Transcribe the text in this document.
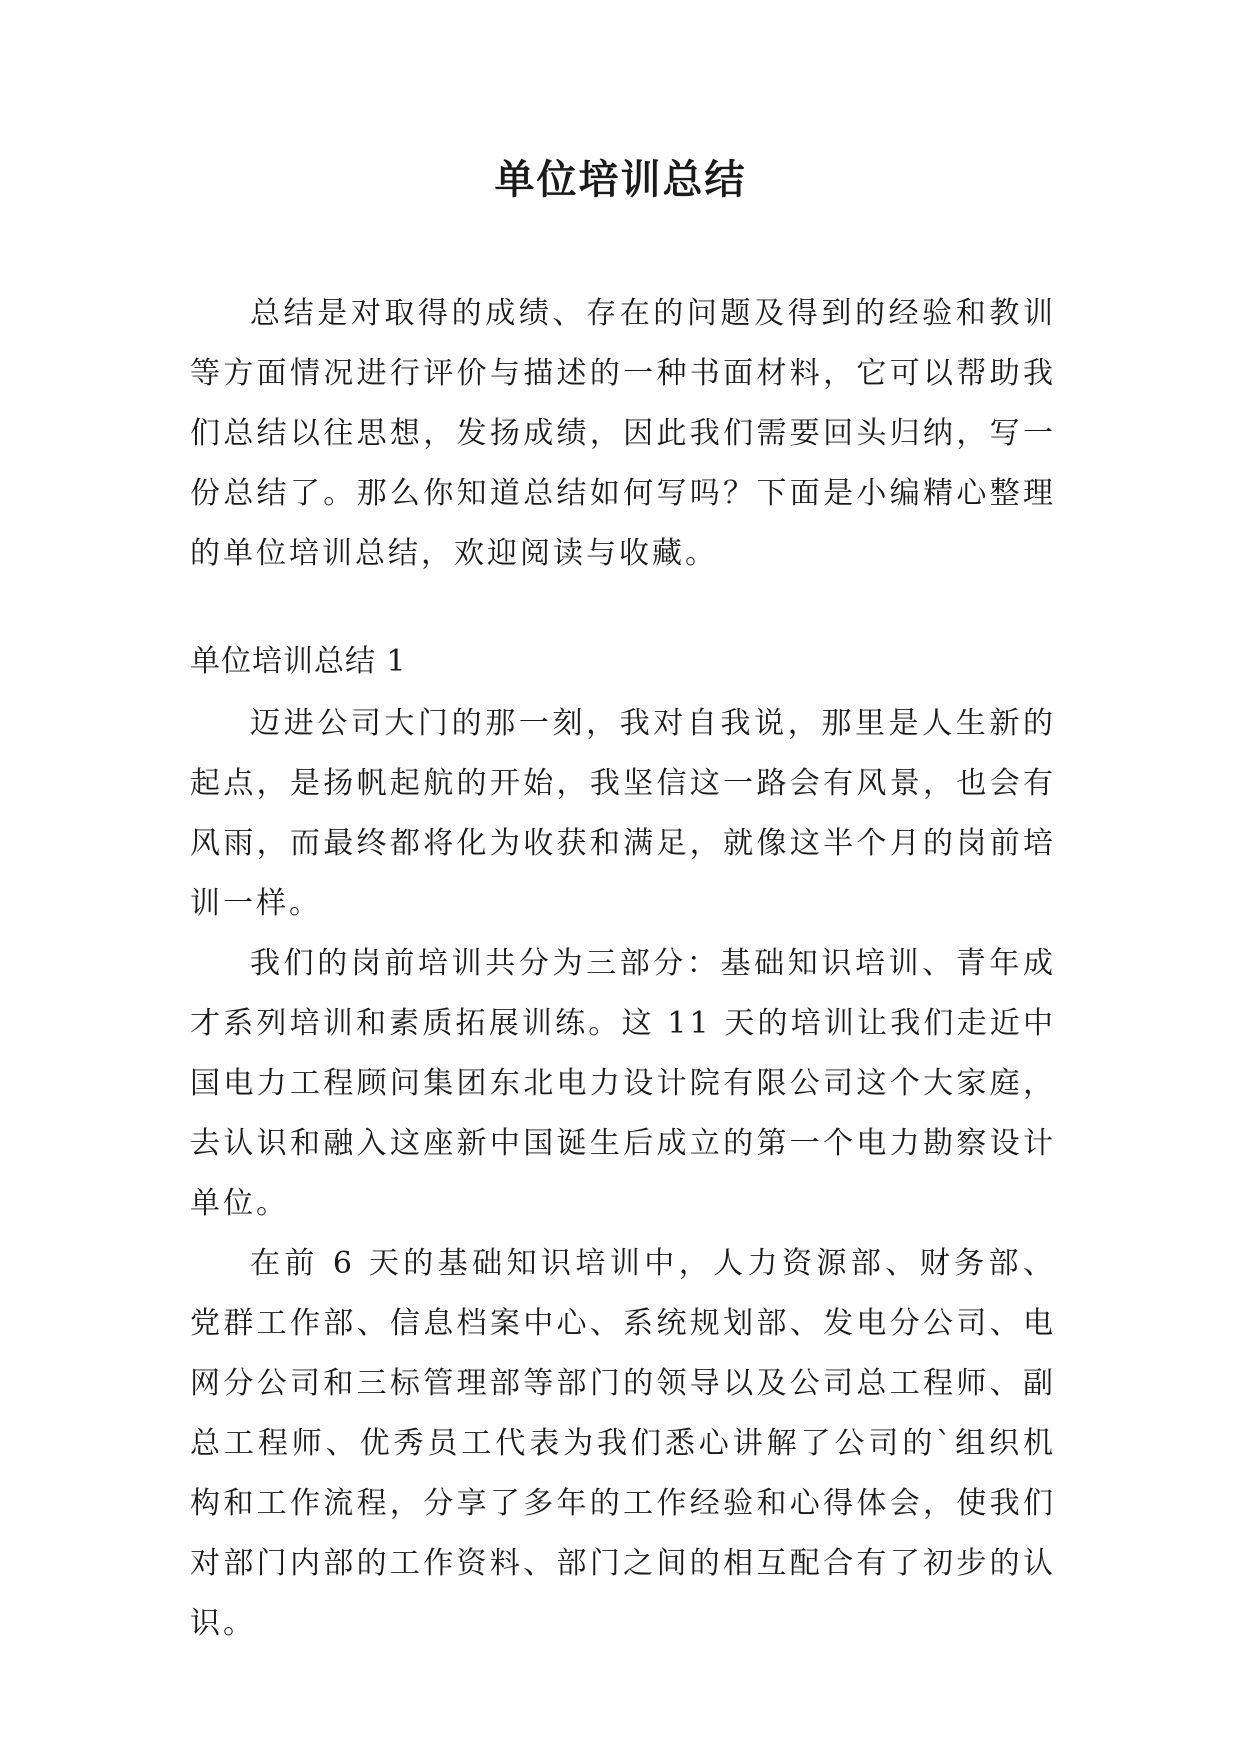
单位培训总结

总结是对取得的成绩、存在的问题及得到的经验和教训等方面情况进行评价与描述的一种书面材料，它可以帮助我们总结以往思想，发扬成绩，因此我们需要回头归纳，写一份总结了。那么你知道总结如何写吗？下面是小编精心整理的单位培训总结，欢迎阅读与收藏。

单位培训总结 1

迈进公司大门的那一刻，我对自我说，那里是人生新的起点，是扬帆起航的开始，我坚信这一路会有风景，也会有风雨，而最终都将化为收获和满足，就像这半个月的岗前培训一样。

我们的岗前培训共分为三部分：基础知识培训、青年成才系列培训和素质拓展训练。这 11 天的培训让我们走近中国电力工程顾问集团东北电力设计院有限公司这个大家庭，去认识和融入这座新中国诞生后成立的第一个电力勘察设计单位。

在前 6 天的基础知识培训中，人力资源部、财务部、党群工作部、信息档案中心、系统规划部、发电分公司、电网分公司和三标管理部等部门的领导以及公司总工程师、副总工程师、优秀员工代表为我们悉心讲解了公司的`组织机构和工作流程，分享了多年的工作经验和心得体会，使我们对部门内部的工作资料、部门之间的相互配合有了初步的认识。
